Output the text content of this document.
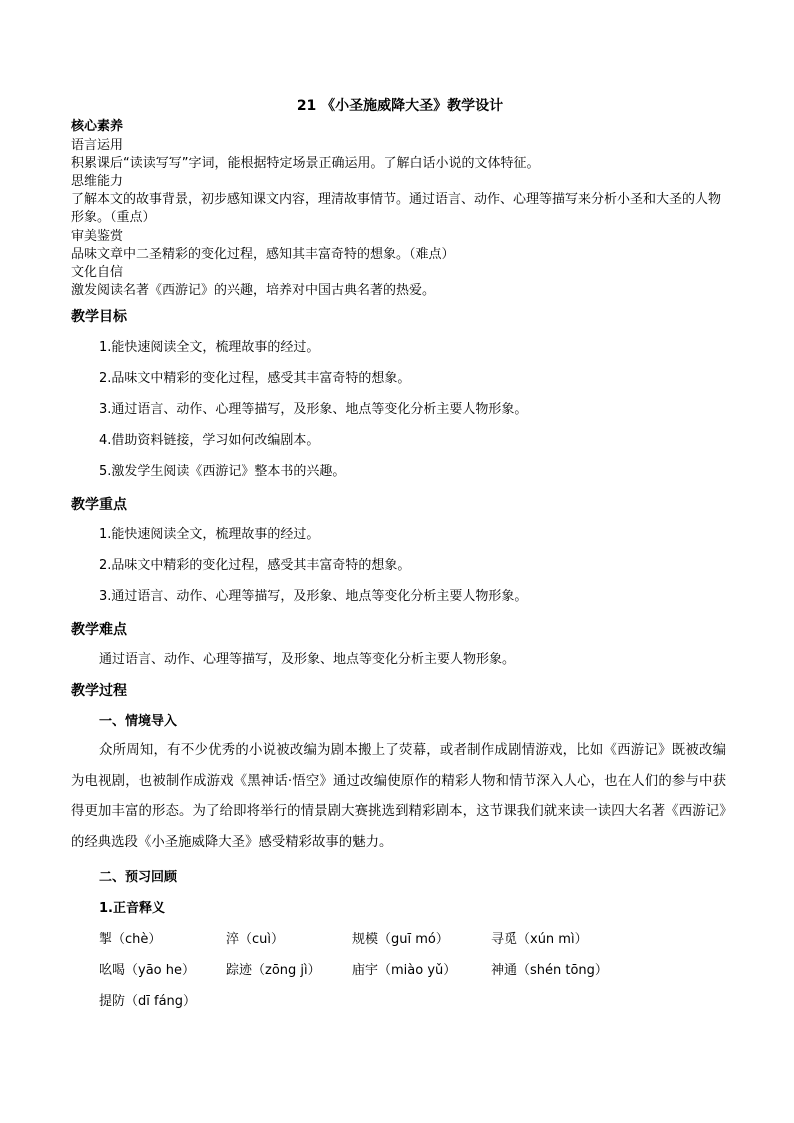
21 《小圣施威降大圣》教学设计
核心素养
语言运用
积累课后“读读写写”字词，能根据特定场景正确运用。了解白话小说的文体特征。
思维能力
了解本文的故事背景，初步感知课文内容，理清故事情节。通过语言、动作、心理等描写来分析小圣和大圣的人物形象。（重点）
审美鉴赏
品味文章中二圣精彩的变化过程，感知其丰富奇特的想象。（难点）
文化自信
激发阅读名著《西游记》的兴趣，培养对中国古典名著的热爱。
教学目标
1.能快速阅读全文，梳理故事的经过。
2.品味文中精彩的变化过程，感受其丰富奇特的想象。
3.通过语言、动作、心理等描写，及形象、地点等变化分析主要人物形象。
4.借助资料链接，学习如何改编剧本。
5.激发学生阅读《西游记》整本书的兴趣。
教学重点
1.能快速阅读全文，梳理故事的经过。
2.品味文中精彩的变化过程，感受其丰富奇特的想象。
3.通过语言、动作、心理等描写，及形象、地点等变化分析主要人物形象。
教学难点
通过语言、动作、心理等描写，及形象、地点等变化分析主要人物形象。
教学过程
一、情境导入
众所周知，有不少优秀的小说被改编为剧本搬上了荧幕，或者制作成剧情游戏，比如《西游记》既被改编为电视剧，也被制作成游戏《黑神话·悟空》通过改编使原作的精彩人物和情节深入人心，也在人们的参与中获得更加丰富的形态。为了给即将举行的情景剧大赛挑选到精彩剧本，这节课我们就来读一读四大名著《西游记》的经典选段《小圣施威降大圣》感受精彩故事的魅力。
二、预习回顾
1.正音释义
掣（chè）	淬（cuì）	规模（guī mó）	寻觅（xún mì）
吆喝（yāo he） 踪迹（zōng jì） 庙宇（miào yǔ）	神通（shén tōng）
提防（dī fáng）
